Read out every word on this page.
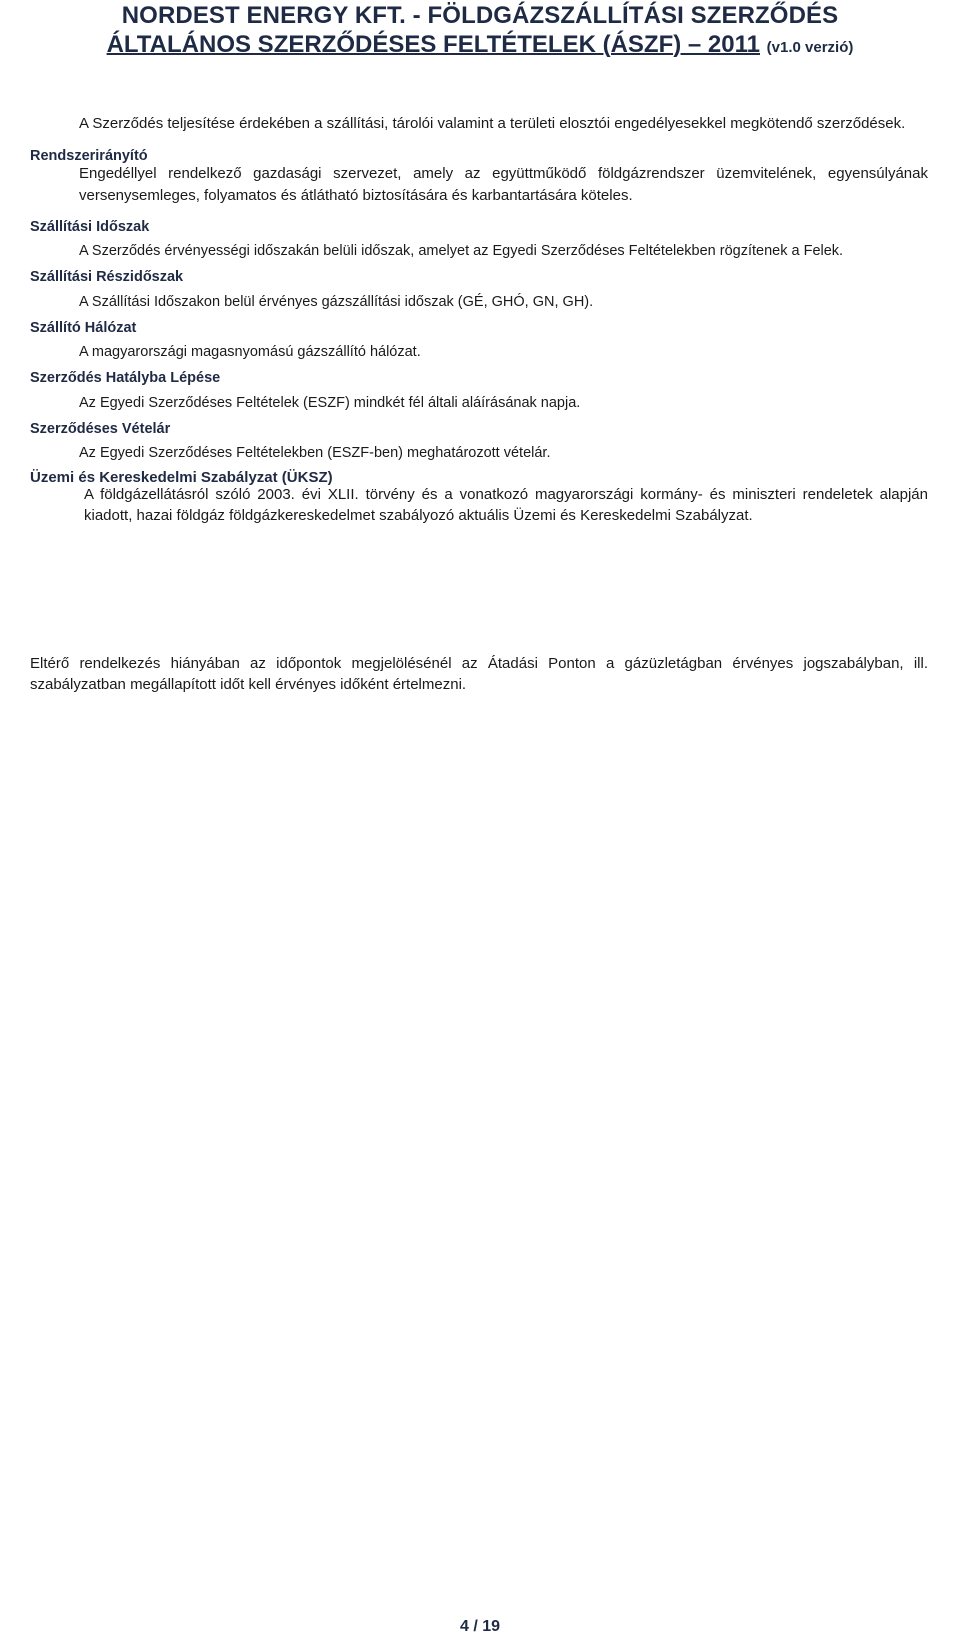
NORDEST ENERGY KFT. - FÖLDGÁZSZÁLLÍTÁSI SZERZŐDÉS
ÁLTALÁNOS SZERZŐDÉSES FELTÉTELEK (ÁSZF) – 2011 (v1.0 verzió)
A Szerződés teljesítése érdekében a szállítási, tárolói valamint a területi elosztói engedélyesekkel megkötendő szerződések.
Rendszerirányító
Engedéllyel rendelkező gazdasági szervezet, amely az együttműködő földgázrendszer üzemvitelének, egyensúlyának versenysemleges, folyamatos és átlátható biztosítására és karbantartására köteles.
Szállítási Időszak
A Szerződés érvényességi időszakán belüli időszak, amelyet az Egyedi Szerződéses Feltételekben rögzítenek a Felek.
Szállítási Részidőszak
A Szállítási Időszakon belül érvényes gázszállítási időszak (GÉ, GHÓ, GN, GH).
Szállító Hálózat
A magyarországi magasnyomású gázszállító hálózat.
Szerződés Hatályba Lépése
Az Egyedi Szerződéses Feltételek (ESZF) mindkét fél általi aláírásának napja.
Szerződéses Vételár
Az Egyedi Szerződéses Feltételekben (ESZF-ben) meghatározott vételár.
Üzemi és Kereskedelmi Szabályzat (ÜKSZ)
A földgázellátásról szóló 2003. évi XLII. törvény és a vonatkozó magyarországi kormány- és miniszteri rendeletek alapján kiadott, hazai földgáz földgázkereskedelmet szabályozó aktuális Üzemi és Kereskedelmi Szabályzat.
Eltérő rendelkezés hiányában az időpontok megjelölésénél az Átadási Ponton a gázüzletágban érvényes jogszabályban, ill. szabályzatban megállapított időt kell érvényes időként értelmezni.
4 / 19
